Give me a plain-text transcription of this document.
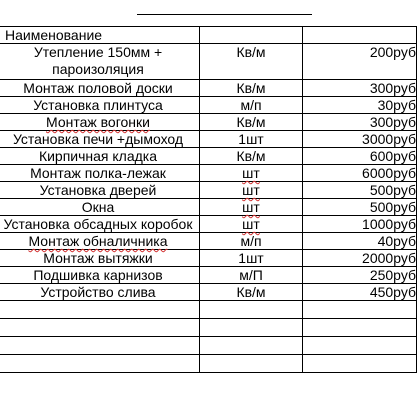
Наименование		
Утепление 150мм + пароизоляция	Кв/м	200руб
Монтаж половой доски	Кв/м	300руб
Установка плинтуса	м/п	30руб
Монтаж вогонки	Кв/м	300руб
Установка печи +дымоход	1шт	3000руб
Кирпичная кладка	Кв/м	600руб
Монтаж полка-лежак	шт	6000руб
Установка дверей	шт	500руб
Окна	шт	500руб
Установка обсадных коробок	шт	1000руб
Монтаж обналичника	м/п	40руб
Монтаж вытяжки	1шт	2000руб
Подшивка карнизов	м/П	250руб
Устройство слива	Кв/м	450руб
